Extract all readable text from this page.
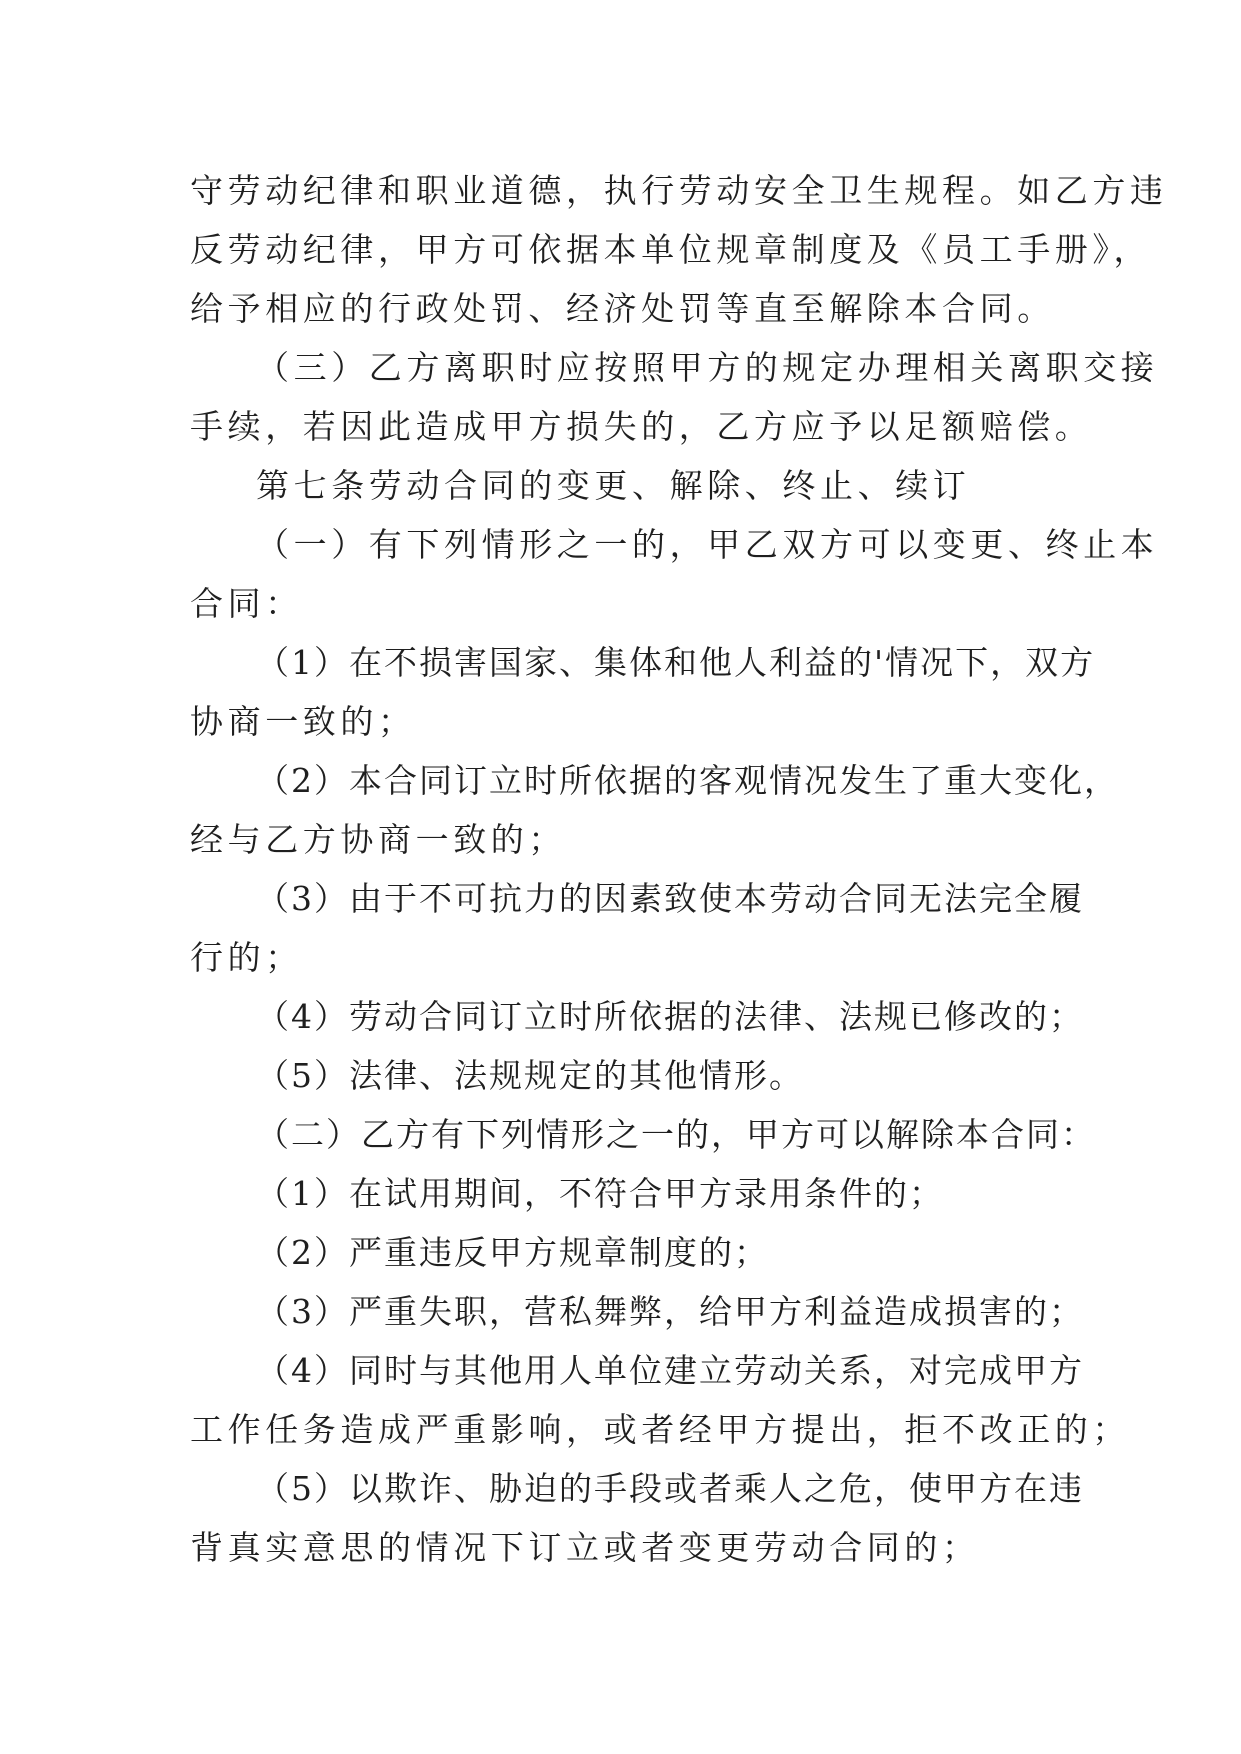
守劳动纪律和职业道德，执行劳动安全卫生规程。如乙方违
反劳动纪律，甲方可依据本单位规章制度及《员工手册》，
给予相应的行政处罚、经济处罚等直至解除本合同。
（三）乙方离职时应按照甲方的规定办理相关离职交接
手续，若因此造成甲方损失的，乙方应予以足额赔偿。
第七条劳动合同的变更、解除、终止、续订
（一）有下列情形之一的，甲乙双方可以变更、终止本
合同：
（1）在不损害国家、集体和他人利益的'情况下，双方
协商一致的；
（2）本合同订立时所依据的客观情况发生了重大变化，
经与乙方协商一致的；
（3）由于不可抗力的因素致使本劳动合同无法完全履
行的；
（4）劳动合同订立时所依据的法律、法规已修改的；
（5）法律、法规规定的其他情形。
（二）乙方有下列情形之一的，甲方可以解除本合同：
（1）在试用期间，不符合甲方录用条件的；
（2）严重违反甲方规章制度的；
（3）严重失职，营私舞弊，给甲方利益造成损害的；
（4）同时与其他用人单位建立劳动关系，对完成甲方
工作任务造成严重影响，或者经甲方提出，拒不改正的；
（5）以欺诈、胁迫的手段或者乘人之危，使甲方在违
背真实意思的情况下订立或者变更劳动合同的；
